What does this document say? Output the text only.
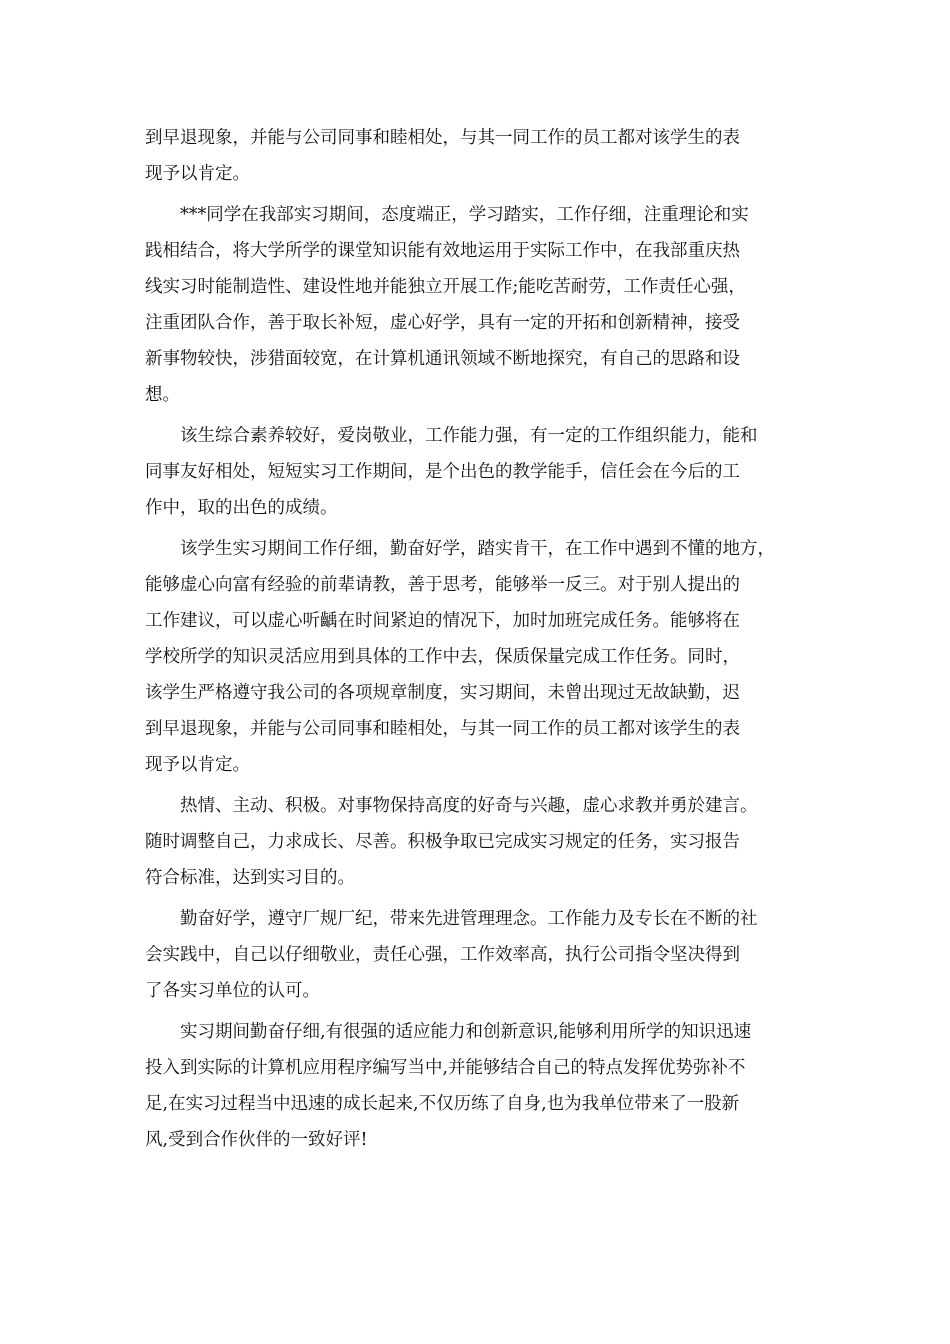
到早退现象，并能与公司同事和睦相处，与其一同工作的员工都对该学生的表
现予以肯定。
　　***同学在我部实习期间，态度端正，学习踏实，工作仔细，注重理论和实
践相结合，将大学所学的课堂知识能有效地运用于实际工作中，在我部重庆热
线实习时能制造性、建设性地并能独立开展工作;能吃苦耐劳，工作责任心强，
注重团队合作，善于取长补短，虚心好学，具有一定的开拓和创新精神，接受
新事物较快，涉猎面较宽，在计算机通讯领域不断地探究，有自己的思路和设
想。
　　该生综合素养较好，爱岗敬业，工作能力强，有一定的工作组织能力，能和
同事友好相处，短短实习工作期间，是个出色的教学能手，信任会在今后的工
作中，取的出色的成绩。
　　该学生实习期间工作仔细，勤奋好学，踏实肯干，在工作中遇到不懂的地方，
能够虚心向富有经验的前辈请教，善于思考，能够举一反三。对于别人提出的
工作建议，可以虚心听齲在时间紧迫的情况下，加时加班完成任务。能够将在
学校所学的知识灵活应用到具体的工作中去，保质保量完成工作任务。同时，
该学生严格遵守我公司的各项规章制度，实习期间，未曾出现过无故缺勤，迟
到早退现象，并能与公司同事和睦相处，与其一同工作的员工都对该学生的表
现予以肯定。
　　热情、主动、积极。对事物保持高度的好奇与兴趣，虚心求教并勇於建言。
随时调整自己，力求成长、尽善。积极争取已完成实习规定的任务，实习报告
符合标准，达到实习目的。
　　勤奋好学，遵守厂规厂纪，带来先进管理理念。工作能力及专长在不断的社
会实践中，自己以仔细敬业，责任心强，工作效率高，执行公司指令坚决得到
了各实习单位的认可。
　　实习期间勤奋仔细,有很强的适应能力和创新意识,能够利用所学的知识迅速
投入到实际的计算机应用程序编写当中,并能够结合自己的特点发挥优势弥补不
足,在实习过程当中迅速的成长起来,不仅历练了自身,也为我单位带来了一股新
风,受到合作伙伴的一致好评!
